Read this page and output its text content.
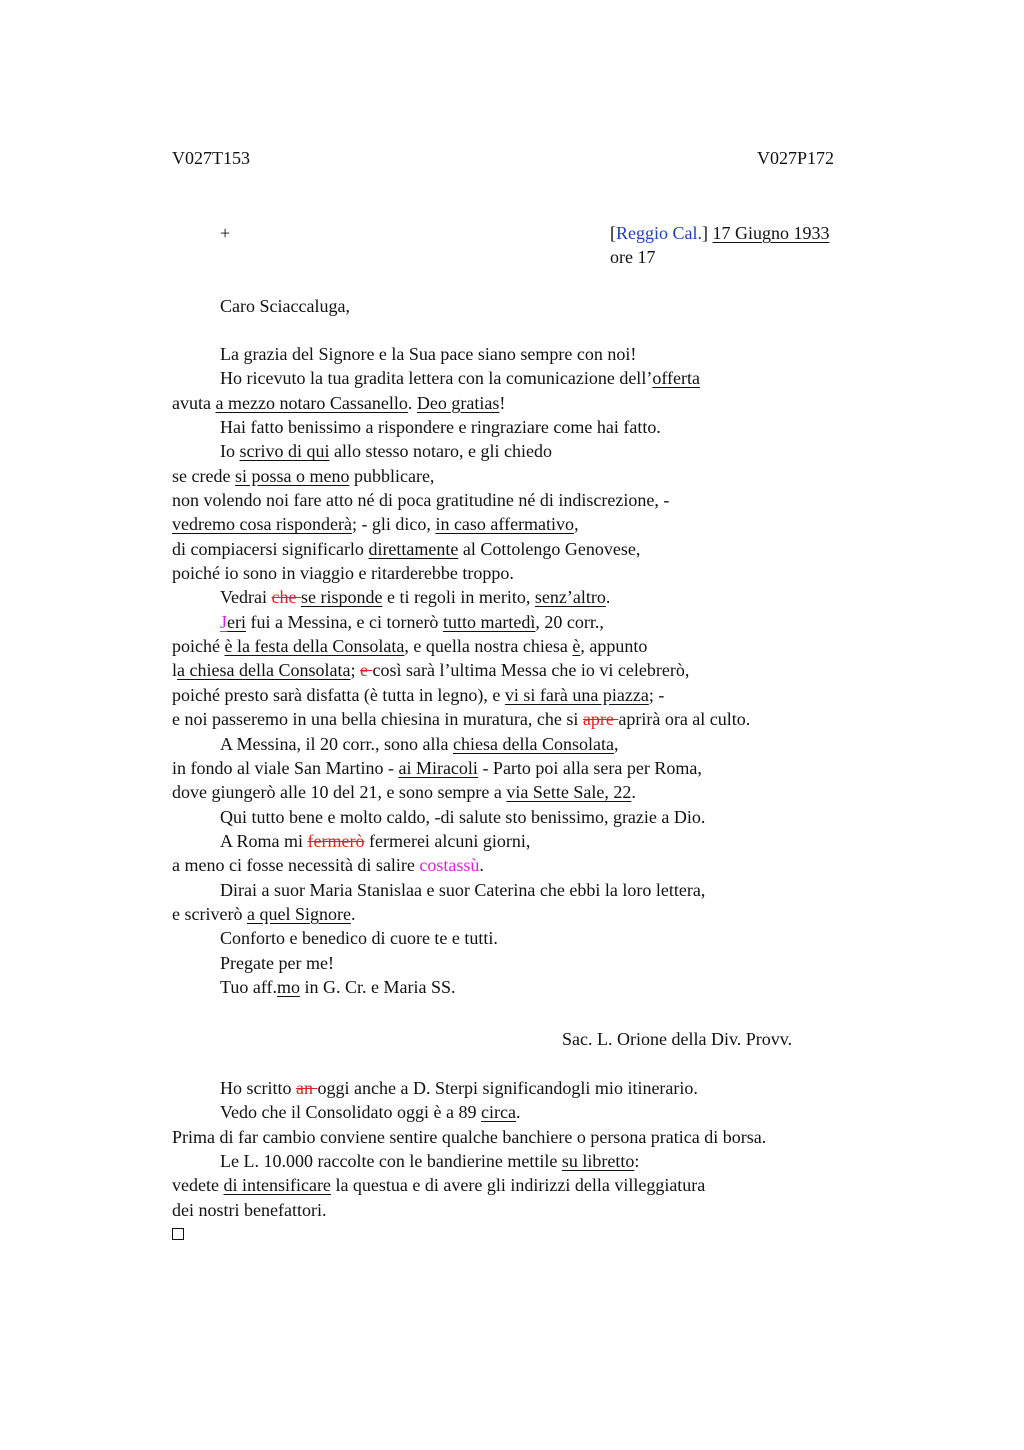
V027T153	V027P172
+	[Reggio Cal.] 17 Giugno 1933
ore 17
Caro Sciaccaluga,
La grazia del Signore e la Sua pace siano sempre con noi!
Ho ricevuto la tua gradita lettera con la comunicazione dell’offerta
avuta a mezzo notaro Cassanello. Deo gratias!
Hai fatto benissimo a rispondere e ringraziare come hai fatto.
Io scrivo di qui allo stesso notaro, e gli chiedo
se crede si possa o meno pubblicare,
non volendo noi fare atto né di poca gratitudine né di indiscrezione, -
vedremo cosa risponderà; - gli dico, in caso affermativo,
di compiacersi significarlo direttamente al Cottolengo Genovese,
poiché io sono in viaggio e ritarderebbe troppo.
Vedrai che se risponde e ti regoli in merito, senz’altro.
Jeri fui a Messina, e ci tornerò tutto martedì, 20 corr.,
poiché è la festa della Consolata, e quella nostra chiesa è, appunto
la chiesa della Consolata; e così sarà l’ultima Messa che io vi celebrerò,
poiché presto sarà disfatta (è tutta in legno), e vi si farà una piazza; -
e noi passeremo in una bella chiesina in muratura, che si apre aprirà ora al culto.
A Messina, il 20 corr., sono alla chiesa della Consolata,
in fondo al viale San Martino - ai Miracoli - Parto poi alla sera per Roma,
dove giungerò alle 10 del 21, e sono sempre a via Sette Sale, 22.
Qui tutto bene e molto caldo, -di salute sto benissimo, grazie a Dio.
A Roma mi fermerò fermerei alcuni giorni,
a meno ci fosse necessità di salire costassù.
Dirai a suor Maria Stanislaa e suor Caterina che ebbi la loro lettera,
e scriverò a quel Signore.
Conforto e benedico di cuore te e tutti.
Pregate per me!
Tuo aff.mo in G. Cr. e Maria SS.
Sac. L. Orione della Div. Provv.
Ho scritto an oggi anche a D. Sterpi significandogli mio itinerario.
Vedo che il Consolidato oggi è a 89 circa.
Prima di far cambio conviene sentire qualche banchiere o persona pratica di borsa.
Le L. 10.000 raccolte con le bandierine mettile su libretto:
vedete di intensificare la questua e di avere gli indirizzi della villeggiatura
dei nostri benefattori.
